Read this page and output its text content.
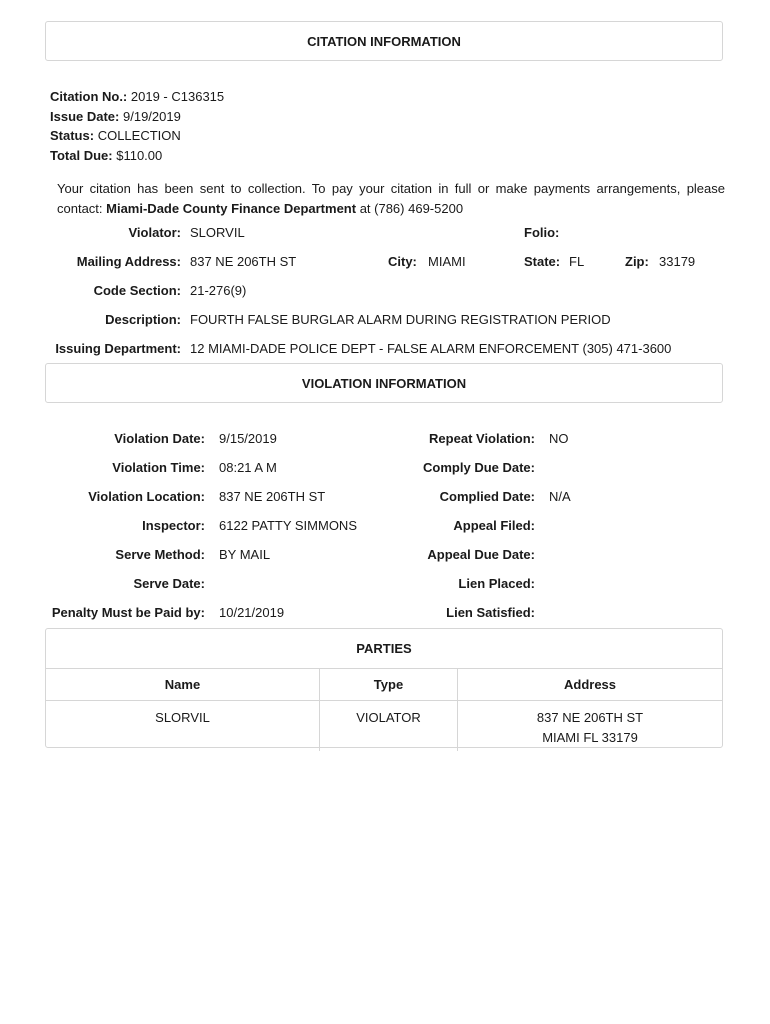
CITATION INFORMATION
Citation No.: 2019 - C136315
Issue Date: 9/19/2019
Status: COLLECTION
Total Due: $110.00
Your citation has been sent to collection. To pay your citation in full or make payments arrangements, please contact: Miami-Dade County Finance Department at (786) 469-5200
Violator: SLORVIL	Folio:
Mailing Address: 837 NE 206TH ST	City: MIAMI	State: FL	Zip: 33179
Code Section: 21-276(9)
Description: FOURTH FALSE BURGLAR ALARM DURING REGISTRATION PERIOD
Issuing Department: 12 MIAMI-DADE POLICE DEPT - FALSE ALARM ENFORCEMENT (305) 471-3600
VIOLATION INFORMATION
Violation Date: 9/15/2019
Violation Time: 08:21 A M
Violation Location: 837 NE 206TH ST
Inspector: 6122 PATTY SIMMONS
Serve Method: BY MAIL
Serve Date:
Penalty Must be Paid by: 10/21/2019
Repeat Violation: NO
Comply Due Date:
Complied Date: N/A
Appeal Filed:
Appeal Due Date:
Lien Placed:
Lien Satisfied:
PARTIES
Name	Type	Address
SLORVIL	VIOLATOR	837 NE 206TH ST
MIAMI FL 33179
